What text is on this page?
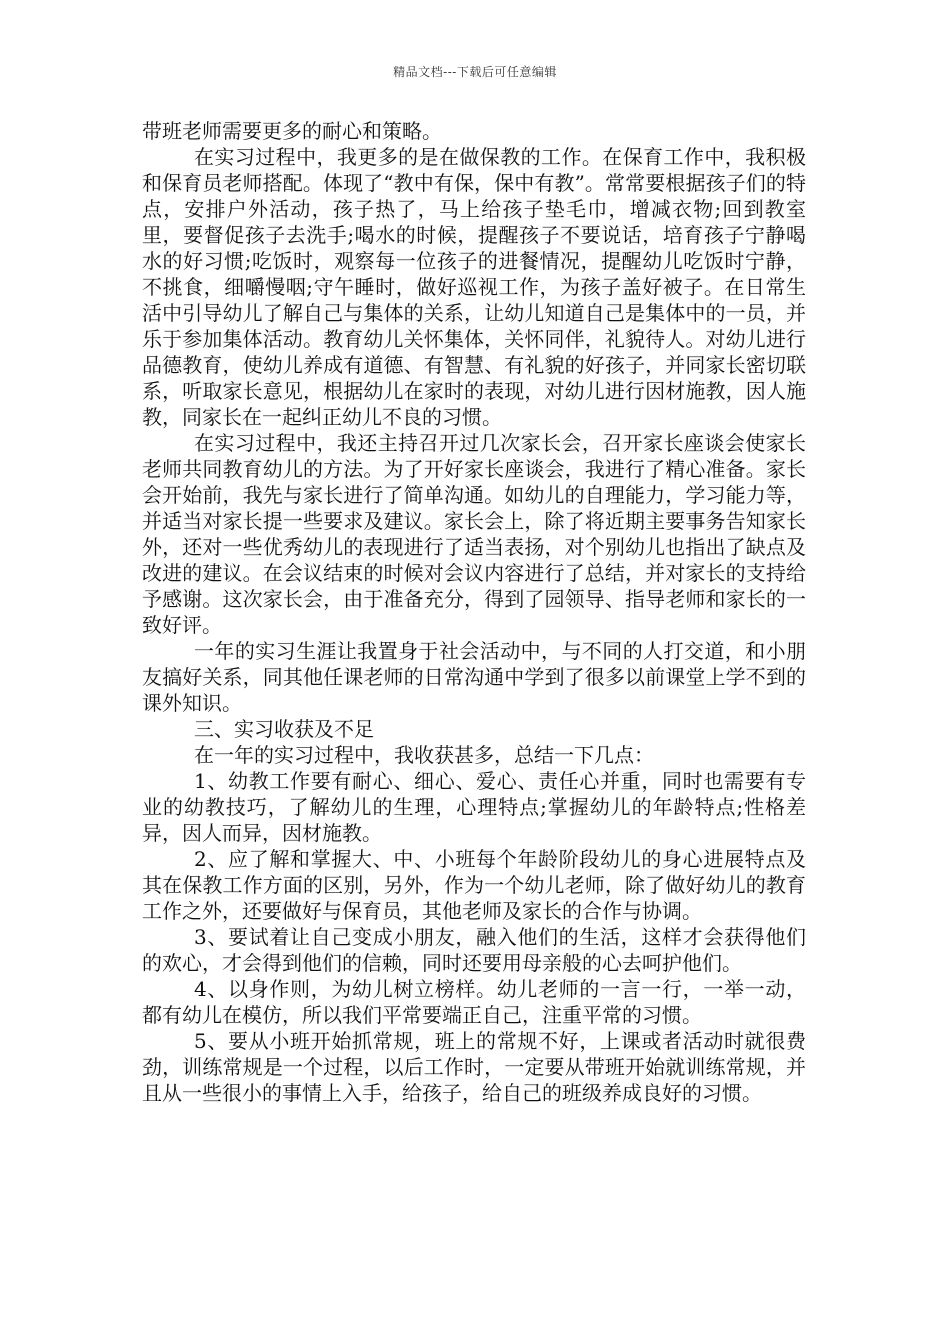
精品文档---下载后可任意编辑

带班老师需要更多的耐心和策略。

在实习过程中，我更多的是在做保教的工作。在保育工作中，我积极和保育员老师搭配。体现了“教中有保，保中有教”。常常要根据孩子们的特点，安排户外活动，孩子热了，马上给孩子垫毛巾，增减衣物;回到教室里，要督促孩子去洗手;喝水的时候，提醒孩子不要说话，培育孩子宁静喝水的好习惯;吃饭时，观察每一位孩子的进餐情况，提醒幼儿吃饭时宁静，不挑食，细嚼慢咽;守午睡时，做好巡视工作，为孩子盖好被子。在日常生活中引导幼儿了解自己与集体的关系，让幼儿知道自己是集体中的一员，并乐于参加集体活动。教育幼儿关怀集体，关怀同伴，礼貌待人。对幼儿进行品德教育，使幼儿养成有道德、有智慧、有礼貌的好孩子，并同家长密切联系，听取家长意见，根据幼儿在家时的表现，对幼儿进行因材施教，因人施教，同家长在一起纠正幼儿不良的习惯。

在实习过程中，我还主持召开过几次家长会，召开家长座谈会使家长老师共同教育幼儿的方法。为了开好家长座谈会，我进行了精心准备。家长会开始前，我先与家长进行了简单沟通。如幼儿的自理能力，学习能力等，并适当对家长提一些要求及建议。家长会上，除了将近期主要事务告知家长外，还对一些优秀幼儿的表现进行了适当表扬，对个别幼儿也指出了缺点及改进的建议。在会议结束的时候对会议内容进行了总结，并对家长的支持给予感谢。这次家长会，由于准备充分，得到了园领导、指导老师和家长的一致好评。

一年的实习生涯让我置身于社会活动中，与不同的人打交道，和小朋友搞好关系，同其他任课老师的日常沟通中学到了很多以前课堂上学不到的课外知识。

三、实习收获及不足

在一年的实习过程中，我收获甚多，总结一下几点：

1、幼教工作要有耐心、细心、爱心、责任心并重，同时也需要有专业的幼教技巧，了解幼儿的生理，心理特点;掌握幼儿的年龄特点;性格差异，因人而异，因材施教。

2、应了解和掌握大、中、小班每个年龄阶段幼儿的身心进展特点及其在保教工作方面的区别，另外，作为一个幼儿老师，除了做好幼儿的教育工作之外，还要做好与保育员，其他老师及家长的合作与协调。

3、要试着让自己变成小朋友，融入他们的生活，这样才会获得他们的欢心，才会得到他们的信赖，同时还要用母亲般的心去呵护他们。

4、以身作则，为幼儿树立榜样。幼儿老师的一言一行，一举一动，都有幼儿在模仿，所以我们平常要端正自己，注重平常的习惯。

5、要从小班开始抓常规，班上的常规不好，上课或者活动时就很费劲，训练常规是一个过程，以后工作时，一定要从带班开始就训练常规，并且从一些很小的事情上入手，给孩子，给自己的班级养成良好的习惯。
